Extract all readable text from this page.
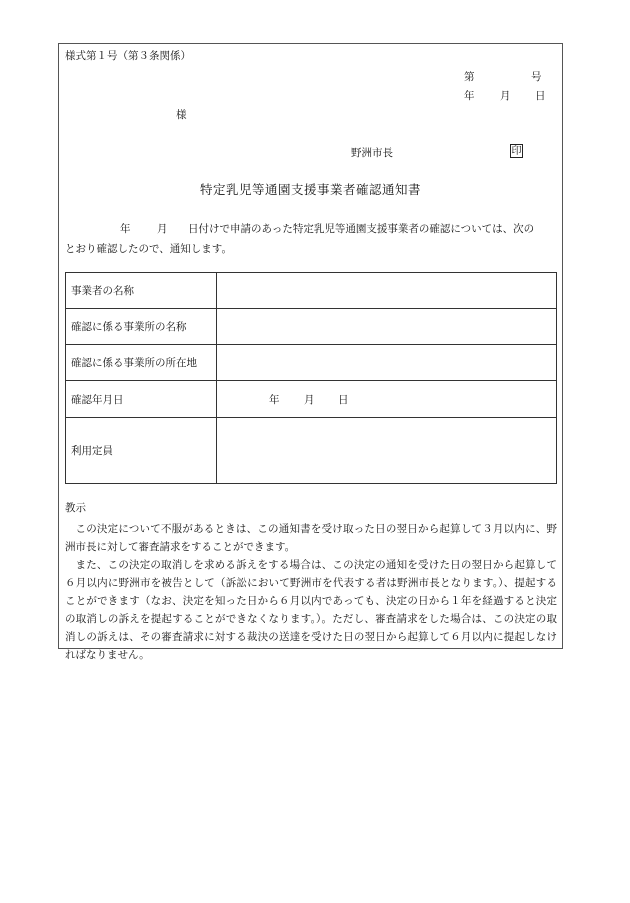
様式第１号（第３条関係）
第	号
年 月 日
様
野洲市長	印
特定乳児等通園支援事業者確認通知書
年	月 日付けで申請のあった特定乳児等通園支援事業者の確認については、次の
とおり確認したので、通知します。
事業者の名称	
確認に係る事業所の名称	
確認に係る事業所の所在地	
確認年月日	年 月 日

利用定員	
教示

この決定について不服があるときは、この通知書を受け取った日の翌日から起算して３月以内に、野洲市長に対して審査請求をすることができます。

また、この決定の取消しを求める訴えをする場合は、この決定の通知を受けた日の翌日から起算して６月以内に野洲市を被告として（訴訟において野洲市を代表する者は野洲市長となります。）、提起することができます（なお、決定を知った日から６月以内であっても、決定の日から１年を経過すると決定の取消しの訴えを提起することができなくなります。）。ただし、審査請求をした場合は、この決定の取消しの訴えは、その審査請求に対する裁決の送達を受けた日の翌日から起算して６月以内に提起しなければなりません。
